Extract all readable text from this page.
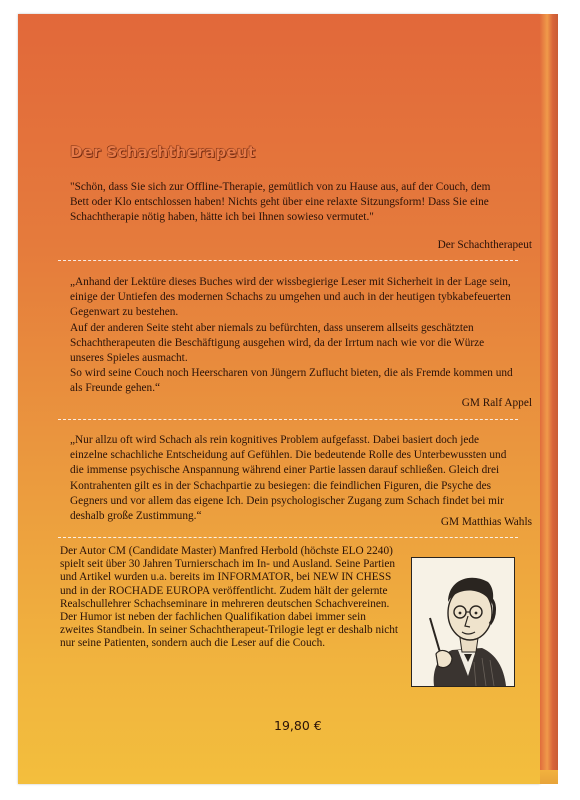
Der Schachtherapeut

"Schön, dass Sie sich zur Offline-Therapie, gemütlich von zu Hause aus, auf der Couch, dem Bett oder Klo entschlossen haben! Nichts geht über eine relaxte Sitzungsform! Dass Sie eine Schachtherapie nötig haben, hätte ich bei Ihnen sowieso vermutet."

Der Schachtherapeut

„Anhand der Lektüre dieses Buches wird der wissbegierige Leser mit Sicherheit in der Lage sein, einige der Untiefen des modernen Schachs zu umgehen und auch in der heutigen tybkabefeuerten Gegenwart zu bestehen.

Auf der anderen Seite steht aber niemals zu befürchten, dass unserem allseits geschätzten Schachtherapeuten die Beschäftigung ausgehen wird, da der Irrtum nach wie vor die Würze unseres Spieles ausmacht.

So wird seine Couch noch Heerscharen von Jüngern Zuflucht bieten, die als Fremde kommen und als Freunde gehen.“

GM Ralf Appel

„Nur allzu oft wird Schach als rein kognitives Problem aufgefasst. Dabei basiert doch jede einzelne schachliche Entscheidung auf Gefühlen. Die bedeutende Rolle des Unterbewussten und die immense psychische Anspannung während einer Partie lassen darauf schließen. Gleich drei Kontrahenten gilt es in der Schachpartie zu besiegen: die feindlichen Figuren, die Psyche des Gegners und vor allem das eigene Ich. Dein psychologischer Zugang zum Schach findet bei mir deshalb große Zustimmung.“	GM Matthias Wahls

Der Autor CM (Candidate Master) Manfred Herbold (höchste ELO 2240) spielt seit über 30 Jahren Turnierschach im In- und Ausland. Seine Partien und Artikel wurden u.a. bereits im INFORMATOR, bei NEW IN CHESS und in der ROCHADE EUROPA veröffentlicht. Zudem hält der gelernte Realschullehrer Schachseminare in mehreren deutschen Schachvereinen.

Der Humor ist neben der fachlichen Qualifikation dabei immer sein zweites Standbein. In seiner Schachtherapeut-Trilogie legt er deshalb nicht nur seine Patienten, sondern auch die Leser auf die Couch.

19,80 €
